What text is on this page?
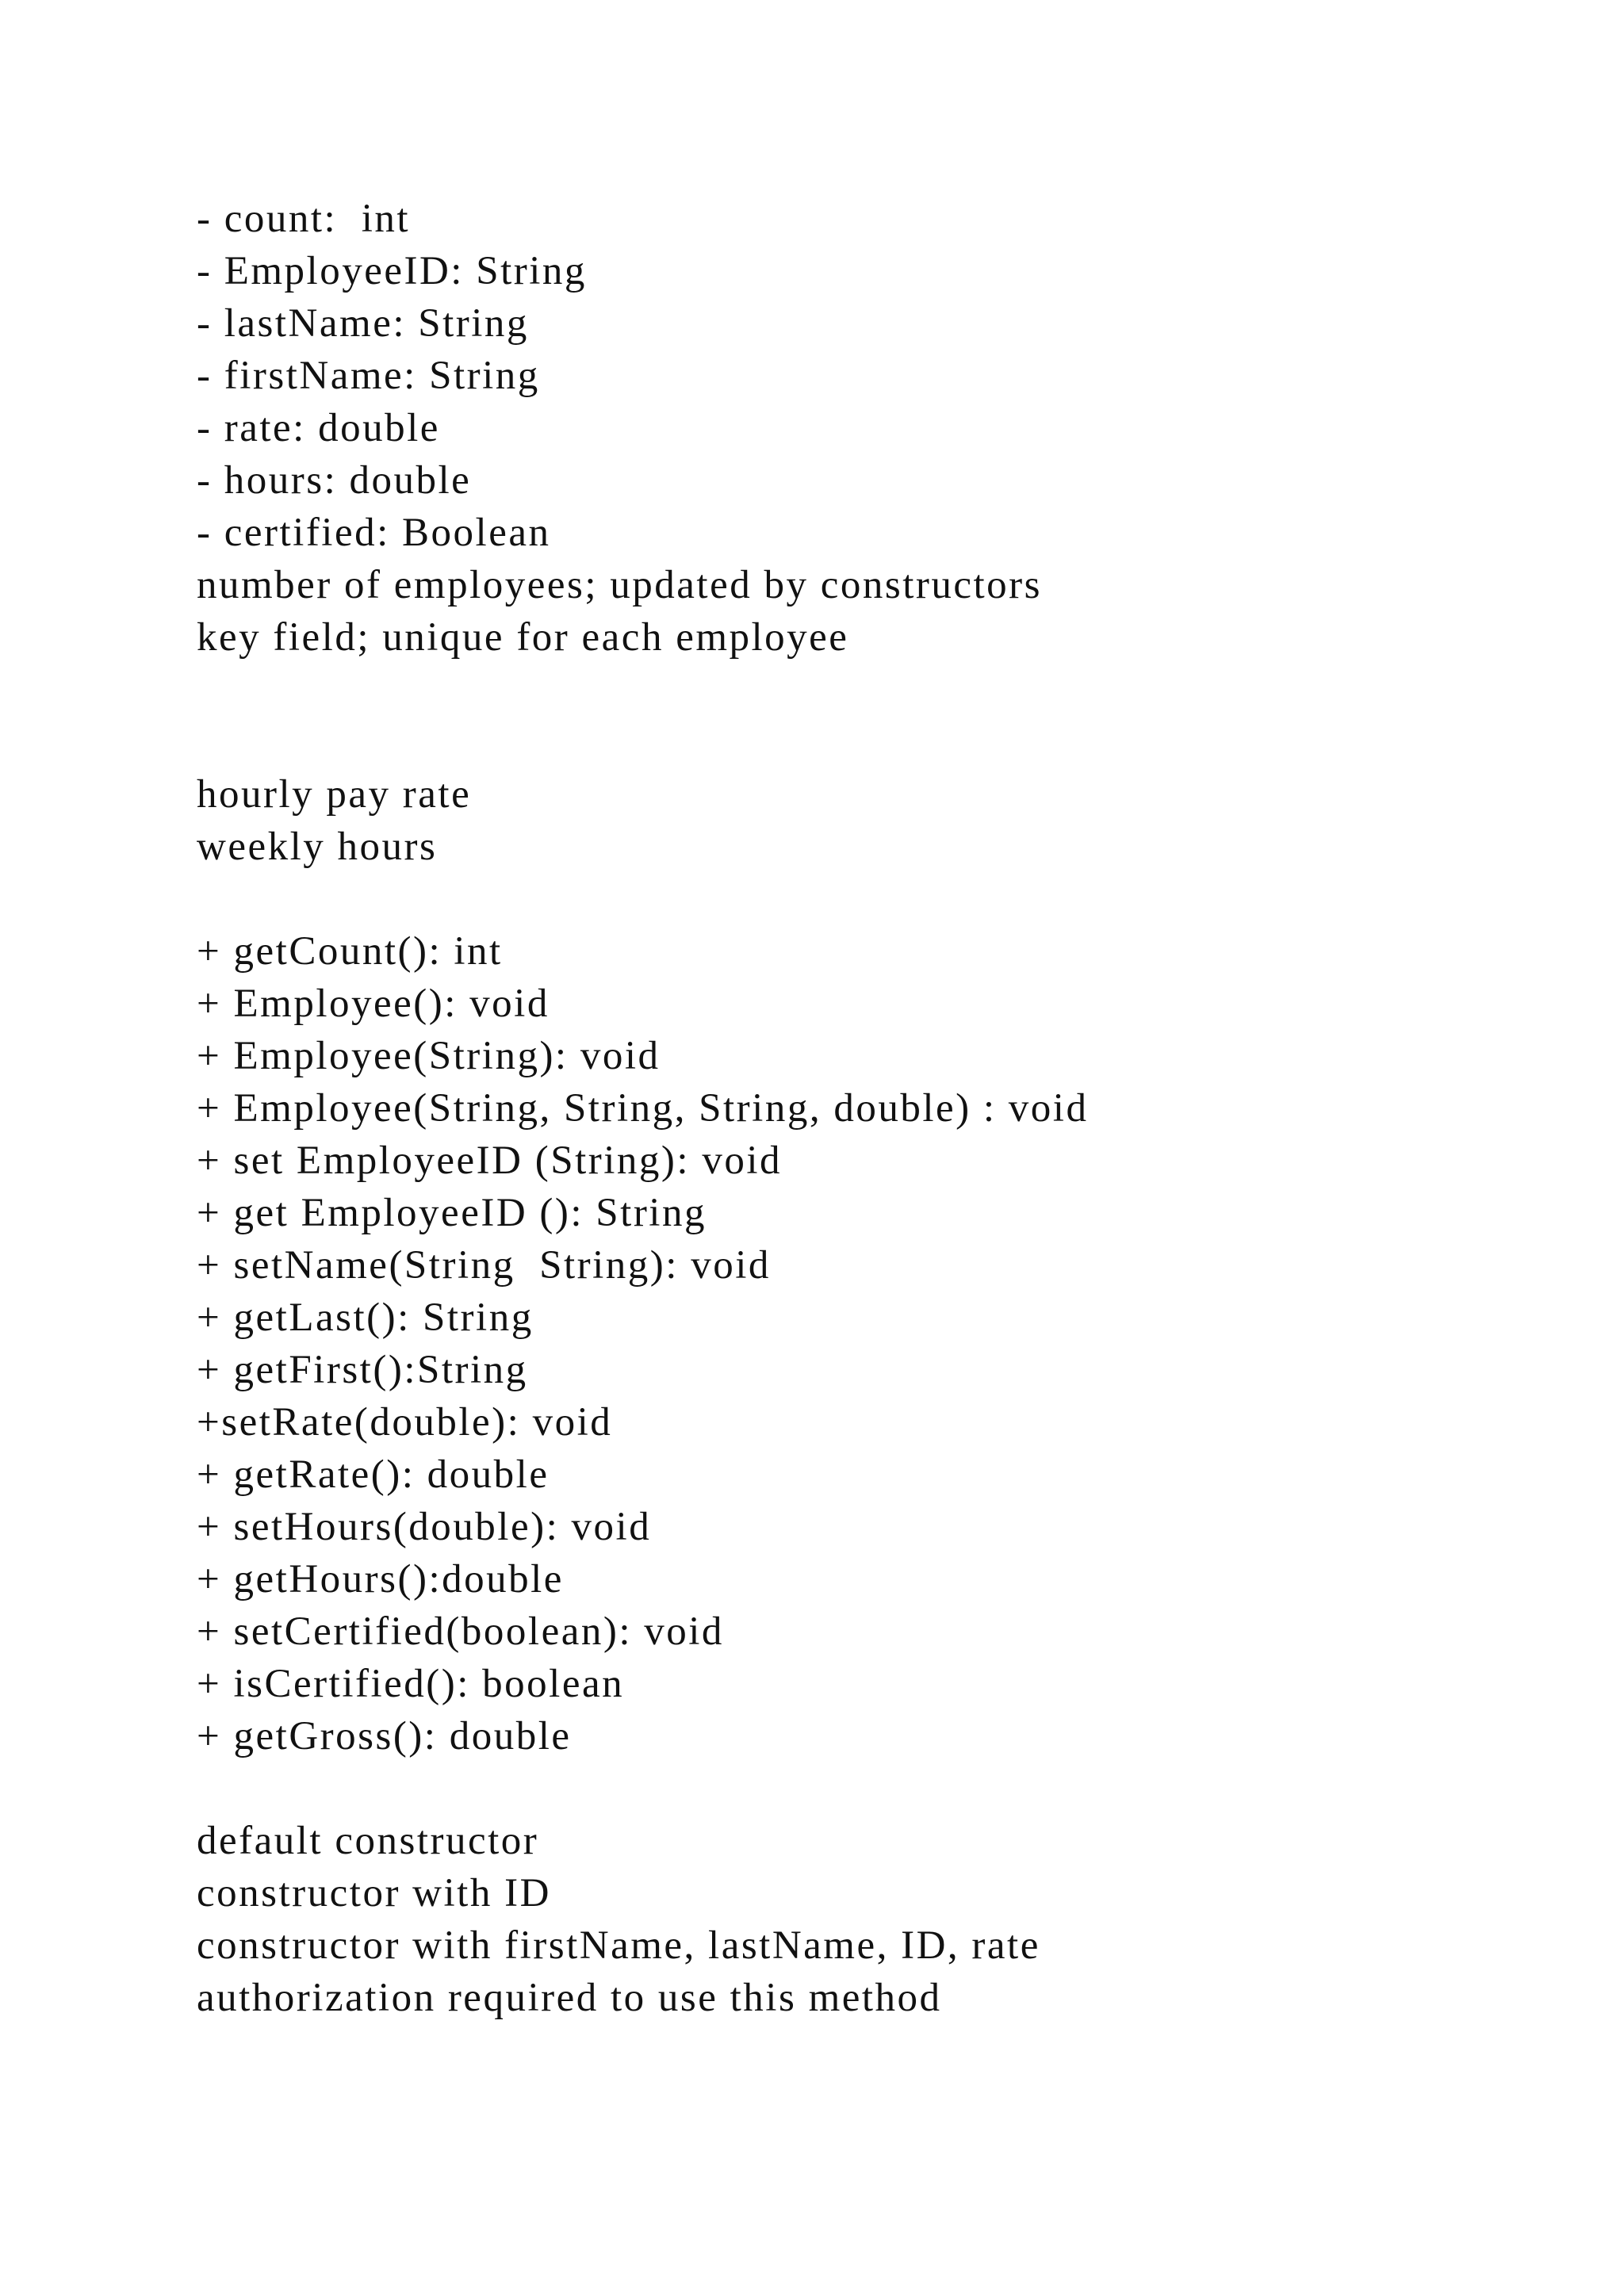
- count:  int
- EmployeeID: String
- lastName: String
- firstName: String
- rate: double
- hours: double
- certified: Boolean
number of employees; updated by constructors
key field; unique for each employee
hourly pay rate
weekly hours
+ getCount(): int
+ Employee(): void
+ Employee(String): void
+ Employee(String, String, String, double) : void
+ set EmployeeID (String): void
+ get EmployeeID (): String
+ setName(String  String): void
+ getLast(): String
+ getFirst():String
+setRate(double): void
+ getRate(): double
+ setHours(double): void
+ getHours():double
+ setCertified(boolean): void
+ isCertified(): boolean
+ getGross(): double
default constructor
constructor with ID
constructor with firstName, lastName, ID, rate
authorization required to use this method
